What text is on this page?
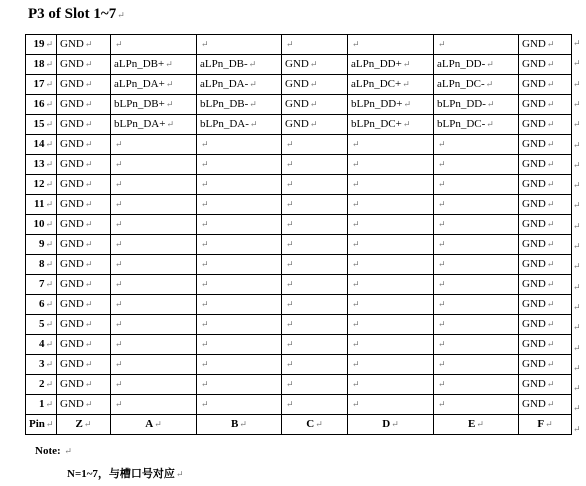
P3 of Slot 1~7↵
19↵	GND↵	↵	↵	↵	↵	↵	GND↵
18↵	GND↵	aLPn_DB+↵	aLPn_DB-↵	GND↵	aLPn_DD+↵	aLPn_DD-↵	GND↵
17↵	GND↵	aLPn_DA+↵	aLPn_DA-↵	GND↵	aLPn_DC+↵	aLPn_DC-↵	GND↵
16↵	GND↵	bLPn_DB+↵	bLPn_DB-↵	GND↵	bLPn_DD+↵	bLPn_DD-↵	GND↵
15↵	GND↵	bLPn_DA+↵	bLPn_DA-↵	GND↵	bLPn_DC+↵	bLPn_DC-↵	GND↵
14↵	GND↵	↵	↵	↵	↵	↵	GND↵
13↵	GND↵	↵	↵	↵	↵	↵	GND↵
12↵	GND↵	↵	↵	↵	↵	↵	GND↵
11↵	GND↵	↵	↵	↵	↵	↵	GND↵
10↵	GND↵	↵	↵	↵	↵	↵	GND↵
9↵	GND↵	↵	↵	↵	↵	↵	GND↵
8↵	GND↵	↵	↵	↵	↵	↵	GND↵
7↵	GND↵	↵	↵	↵	↵	↵	GND↵
6↵	GND↵	↵	↵	↵	↵	↵	GND↵
5↵	GND↵	↵	↵	↵	↵	↵	GND↵
4↵	GND↵	↵	↵	↵	↵	↵	GND↵
3↵	GND↵	↵	↵	↵	↵	↵	GND↵
2↵	GND↵	↵	↵	↵	↵	↵	GND↵
1↵	GND↵	↵	↵	↵	↵	↵	GND↵
Pin↵	Z↵	A↵	B↵	C↵	D↵	E↵	F↵
↵
↵
↵
↵
↵
↵
↵
↵
↵
↵
↵
↵
↵
↵
↵
↵
↵
↵
↵
↵
Note: ↵
N=1~7，与槽口号对应↵
